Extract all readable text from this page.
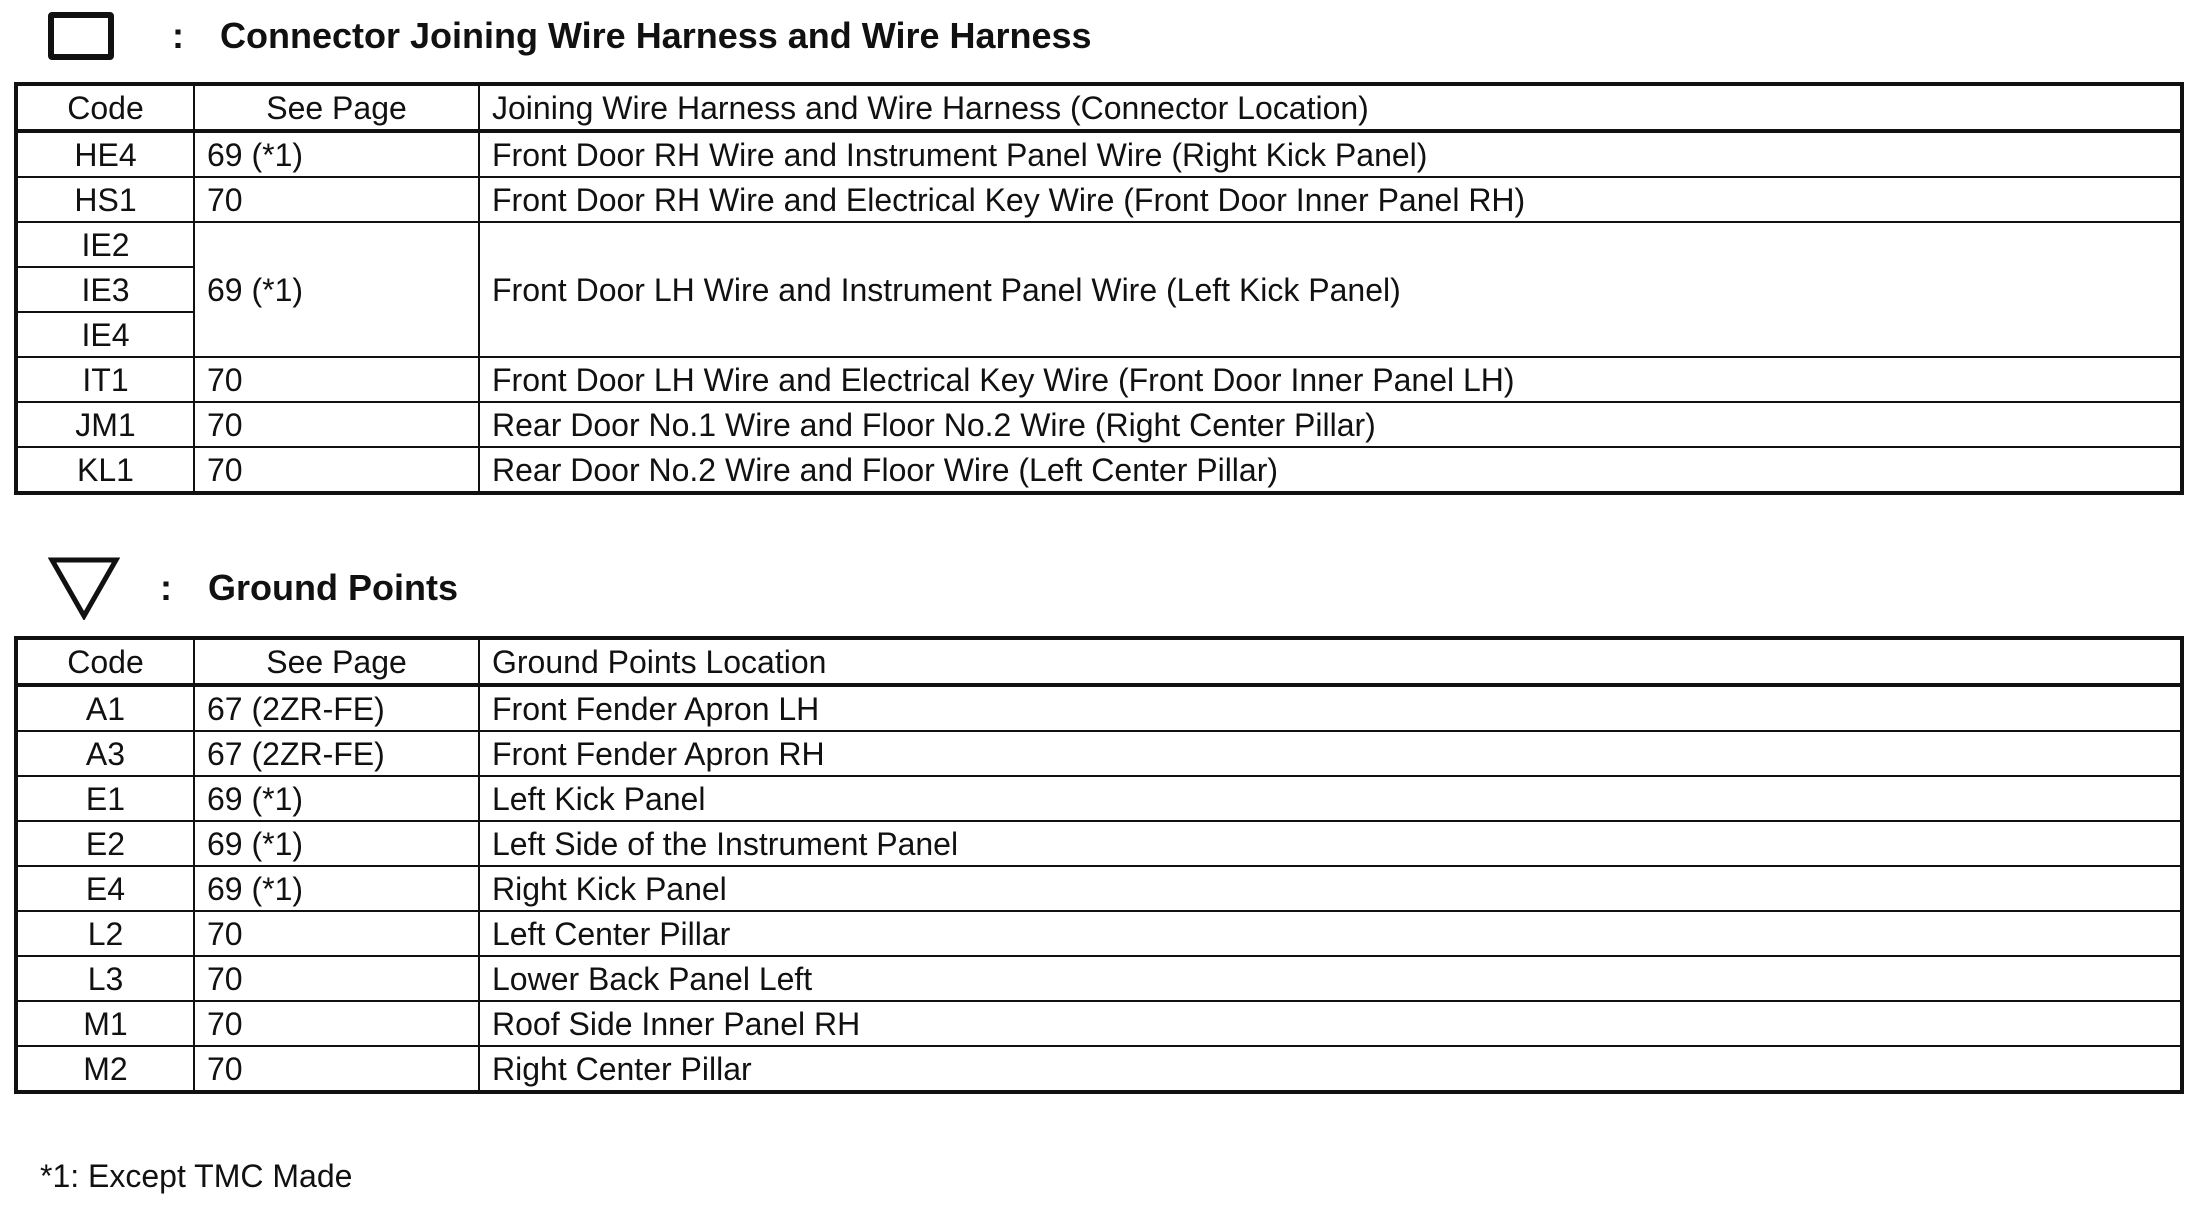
: Connector Joining Wire Harness and Wire Harness
Code	See Page	Joining Wire Harness and Wire Harness (Connector Location)
HE4	69 (*1)	Front Door RH Wire and Instrument Panel Wire (Right Kick Panel)
HS1	70	Front Door RH Wire and Electrical Key Wire (Front Door Inner Panel RH)
IE2	69 (*1)	Front Door LH Wire and Instrument Panel Wire (Left Kick Panel)
IE3		
IE4		
IT1	70	Front Door LH Wire and Electrical Key Wire (Front Door Inner Panel LH)
JM1	70	Rear Door No.1 Wire and Floor No.2 Wire (Right Center Pillar)
KL1	70	Rear Door No.2 Wire and Floor Wire (Left Center Pillar)
: Ground Points
Code	See Page	Ground Points Location
A1	67 (2ZR-FE)	Front Fender Apron LH
A3	67 (2ZR-FE)	Front Fender Apron RH
E1	69 (*1)	Left Kick Panel
E2	69 (*1)	Left Side of the Instrument Panel
E4	69 (*1)	Right Kick Panel
L2	70	Left Center Pillar
L3	70	Lower Back Panel Left
M1	70	Roof Side Inner Panel RH
M2	70	Right Center Pillar
*1: Except TMC Made
